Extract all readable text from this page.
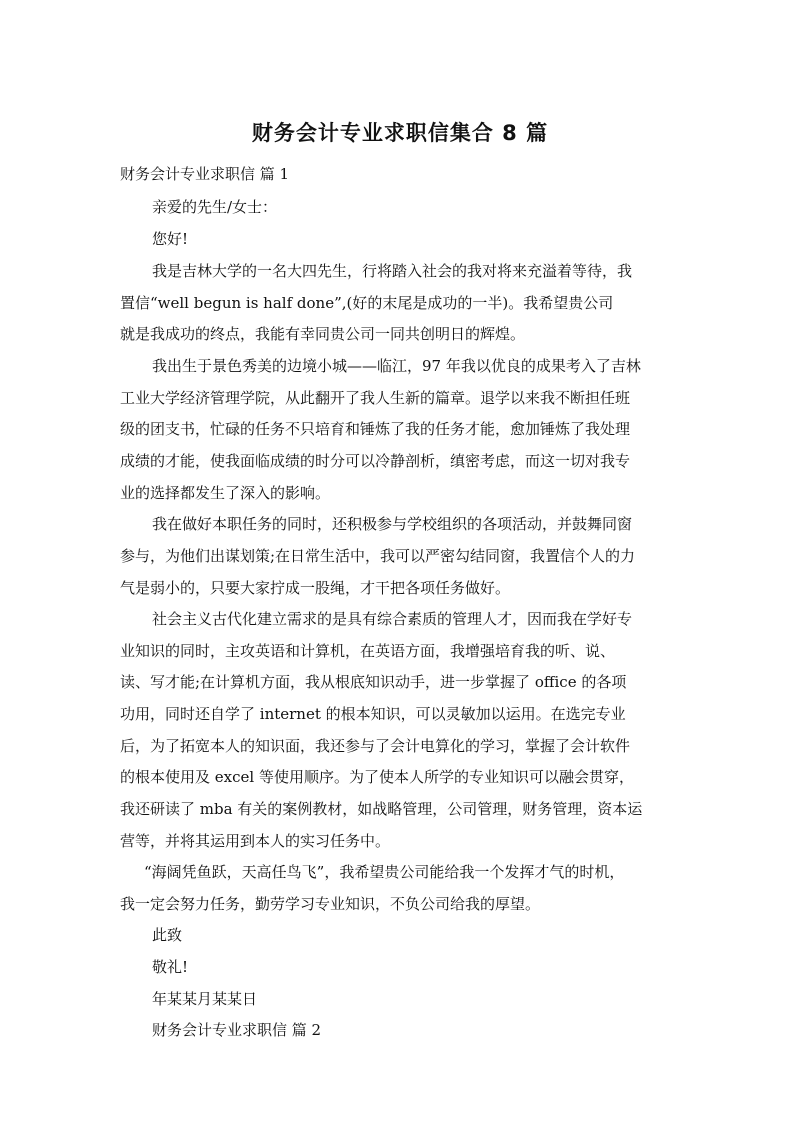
财务会计专业求职信集合 8 篇
财务会计专业求职信 篇 1
亲爱的先生/女士：
您好!
我是吉林大学的一名大四先生，行将踏入社会的我对将来充溢着等待，我
置信“well begun is half done”,(好的末尾是成功的一半)。我希望贵公司
就是我成功的终点，我能有幸同贵公司一同共创明日的辉煌。
我出生于景色秀美的边境小城——临江，97 年我以优良的成果考入了吉林
工业大学经济管理学院，从此翻开了我人生新的篇章。退学以来我不断担任班
级的团支书，忙碌的任务不只培育和锤炼了我的任务才能，愈加锤炼了我处理
成绩的才能，使我面临成绩的时分可以冷静剖析，缜密考虑，而这一切对我专
业的选择都发生了深入的影响。
我在做好本职任务的同时，还积极参与学校组织的各项活动，并鼓舞同窗
参与，为他们出谋划策;在日常生活中，我可以严密勾结同窗，我置信个人的力
气是弱小的，只要大家拧成一股绳，才干把各项任务做好。
社会主义古代化建立需求的是具有综合素质的管理人才，因而我在学好专
业知识的同时，主攻英语和计算机，在英语方面，我增强培育我的听、说、
读、写才能;在计算机方面，我从根底知识动手，进一步掌握了 office 的各项
功用，同时还自学了 internet 的根本知识，可以灵敏加以运用。在选完专业
后，为了拓宽本人的知识面，我还参与了会计电算化的学习，掌握了会计软件
的根本使用及 excel 等使用顺序。为了使本人所学的专业知识可以融会贯穿，
我还研读了 mba 有关的案例教材，如战略管理，公司管理，财务管理，资本运
营等，并将其运用到本人的实习任务中。
“海阔凭鱼跃，天高任鸟飞”，我希望贵公司能给我一个发挥才气的时机，
我一定会努力任务，勤劳学习专业知识，不负公司给我的厚望。
此致
敬礼!
年某某月某某日
财务会计专业求职信 篇 2
